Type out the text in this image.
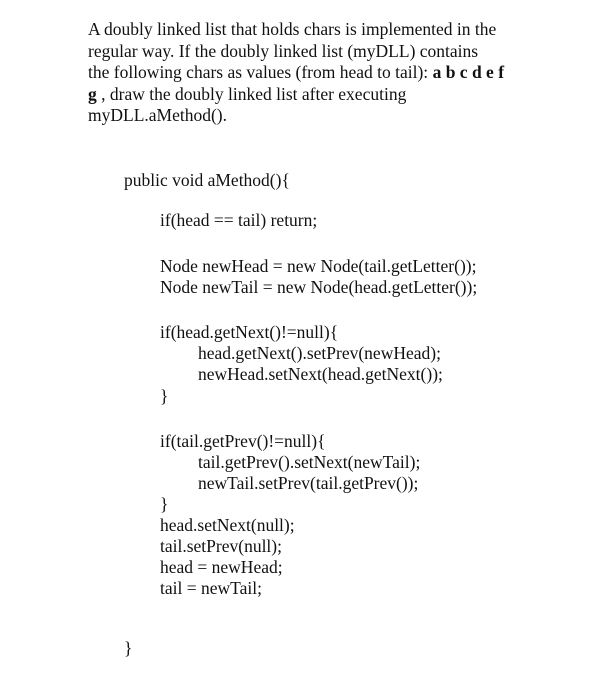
A doubly linked list that holds chars is implemented in the
regular way. If the doubly linked list (myDLL) contains
the following chars as values (from head to tail): a b c d e f
g , draw the doubly linked list after executing
myDLL.aMethod().
public void aMethod(){
if(head == tail) return;
Node newHead = new Node(tail.getLetter());
Node newTail = new Node(head.getLetter());
if(head.getNext()!=null){
head.getNext().setPrev(newHead);
newHead.setNext(head.getNext());
}
if(tail.getPrev()!=null){
tail.getPrev().setNext(newTail);
newTail.setPrev(tail.getPrev());
}
head.setNext(null);
tail.setPrev(null);
head = newHead;
tail = newTail;
}
